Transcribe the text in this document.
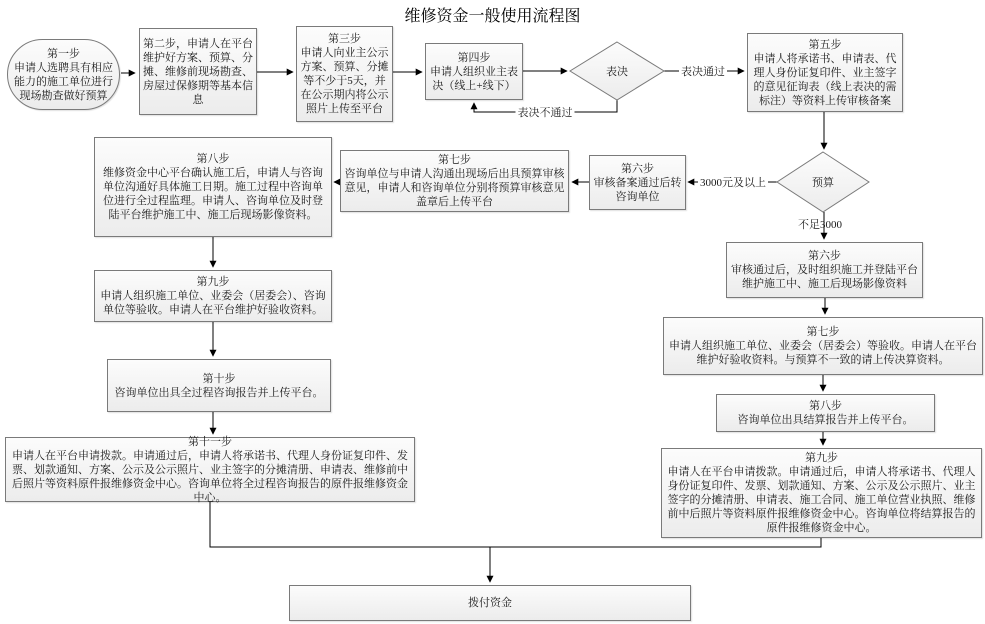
维修资金一般使用流程图
第一步
申请人选聘具有相应能力的施工单位进行现场勘查做好预算
第二步，申请人在平台维护好方案、预算、分摊、维修前现场勘查、房屋过保修期等基本信息
第三步
申请人向业主公示方案、预算、分摊等不少于5天，并在公示期内将公示照片上传至平台
第四步
申请人组织业主表决（线上+线下）
表决
第五步
申请人将承诺书、申请表、代理人身份证复印件、业主签字的意见征询表（线上表决的需标注）等资料上传审核备案
预算
第六步
审核备案通过后转咨询单位
第七步
咨询单位与申请人沟通出现场后出具预算审核意见，申请人和咨询单位分别将预算审核意见盖章后上传平台
第八步
维修资金中心平台确认施工后，申请人与咨询单位沟通好具体施工日期。施工过程中咨询单位进行全过程监理。申请人、咨询单位及时登陆平台维护施工中、施工后现场影像资料。
第九步
申请人组织施工单位、业委会（居委会）、咨询单位等验收。申请人在平台维护好验收资料。
第十步
咨询单位出具全过程咨询报告并上传平台。
第十一步
申请人在平台申请拨款。申请通过后，申请人将承诺书、代理人身份证复印件、发票、划款通知、方案、公示及公示照片、业主签字的分摊清册、申请表、维修前中后照片等资料原件报维修资金中心。咨询单位将全过程咨询报告的原件报维修资金中心。
第六步
审核通过后，及时组织施工并登陆平台维护施工中、施工后现场影像资料
第七步
申请人组织施工单位、业委会（居委会）等验收。申请人在平台维护好验收资料。与预算不一致的请上传决算资料。
第八步
咨询单位出具结算报告并上传平台。
第九步
申请人在平台申请拨款。申请通过后，申请人将承诺书、代理人身份证复印件、发票、划款通知、方案、公示及公示照片、业主签字的分摊清册、申请表、施工合同、施工单位营业执照、维修前中后照片等资料原件报维修资金中心。咨询单位将结算报告的原件报维修资金中心。
拨付资金
表决通过
表决不通过
3000元及以上
不足3000
